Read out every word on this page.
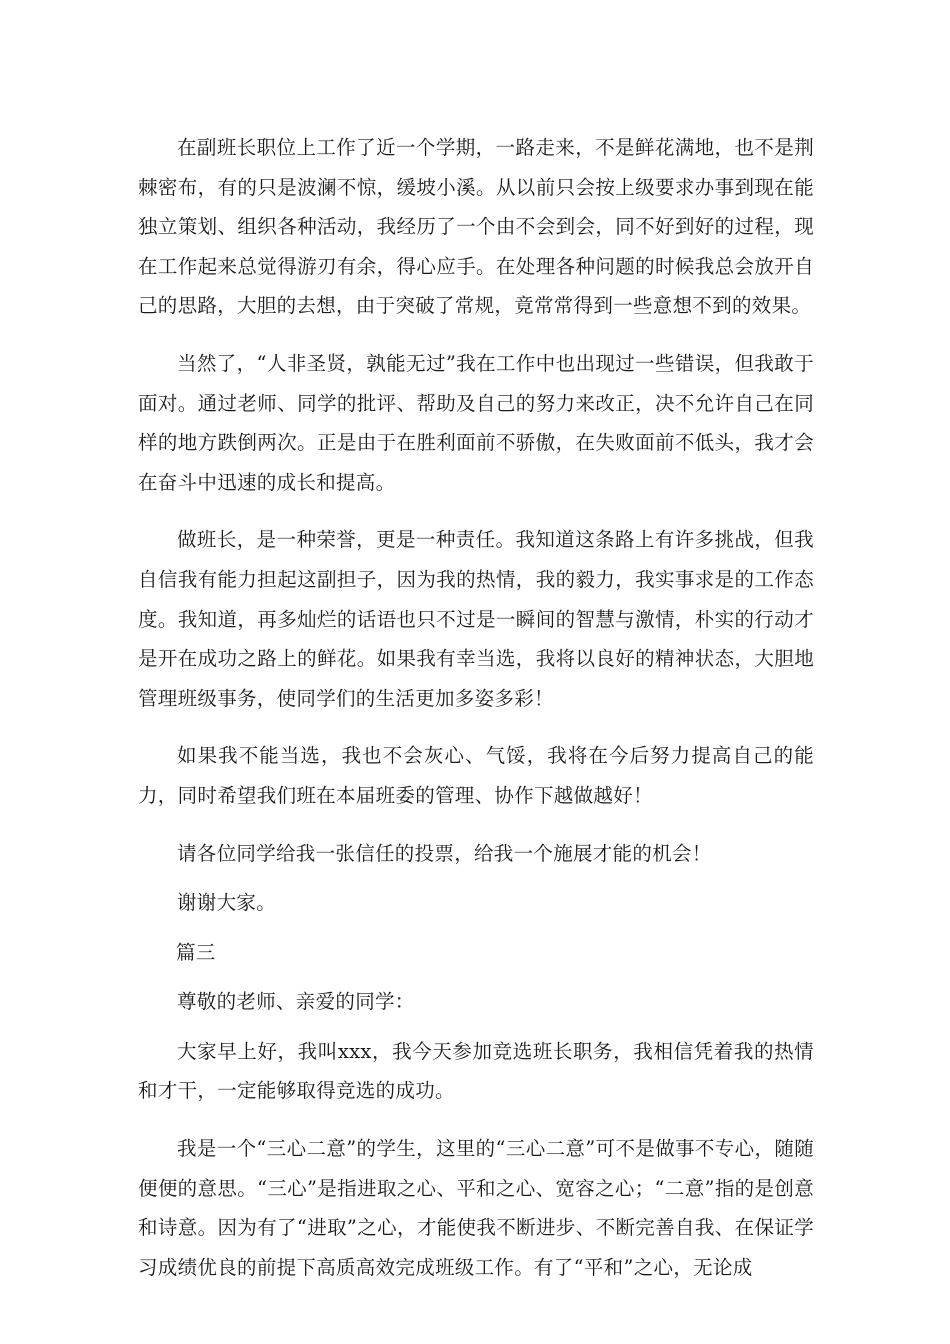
在副班长职位上工作了近一个学期，一路走来，不是鲜花满地，也不是荆棘密布，有的只是波澜不惊，缓坡小溪。从以前只会按上级要求办事到现在能独立策划、组织各种活动，我经历了一个由不会到会，同不好到好的过程，现在工作起来总觉得游刃有余，得心应手。在处理各种问题的时候我总会放开自己的思路，大胆的去想，由于突破了常规，竟常常得到一些意想不到的效果。

当然了，“人非圣贤，孰能无过”我在工作中也出现过一些错误，但我敢于面对。通过老师、同学的批评、帮助及自己的努力来改正，决不允许自己在同样的地方跌倒两次。正是由于在胜利面前不骄傲，在失败面前不低头，我才会在奋斗中迅速的成长和提高。

做班长，是一种荣誉，更是一种责任。我知道这条路上有许多挑战，但我自信我有能力担起这副担子，因为我的热情，我的毅力，我实事求是的工作态度。我知道，再多灿烂的话语也只不过是一瞬间的智慧与激情，朴实的行动才是开在成功之路上的鲜花。如果我有幸当选，我将以良好的精神状态，大胆地管理班级事务，使同学们的生活更加多姿多彩！

如果我不能当选，我也不会灰心、气馁，我将在今后努力提高自己的能力，同时希望我们班在本届班委的管理、协作下越做越好！

请各位同学给我一张信任的投票，给我一个施展才能的机会！

谢谢大家。

篇三

尊敬的老师、亲爱的同学：

大家早上好，我叫xxx，我今天参加竞选班长职务，我相信凭着我的热情和才干，一定能够取得竞选的成功。

我是一个“三心二意”的学生，这里的“三心二意”可不是做事不专心，随随便便的意思。“三心”是指进取之心、平和之心、宽容之心；“二意”指的是创意和诗意。因为有了“进取”之心，才能使我不断进步、不断完善自我、在保证学习成绩优良的前提下高质高效完成班级工作。有了“平和”之心，无论成
